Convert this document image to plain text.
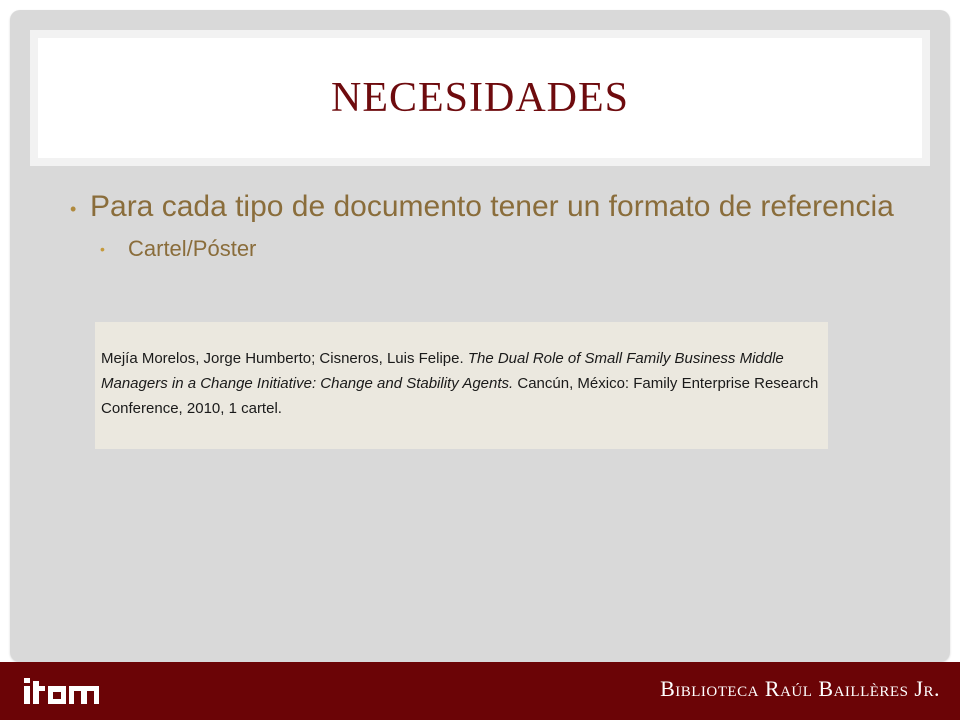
NECESIDADES
• Para cada tipo de documento tener un formato de referencia
•	Cartel/Póster
Mejía Morelos, Jorge Humberto; Cisneros, Luis Felipe. The Dual Role of Small Family Business Middle Managers in a Change Initiative: Change and Stability Agents. Cancún, México: Family Enterprise Research Conference, 2010, 1 cartel.
Biblioteca Raúl Baillères Jr.
